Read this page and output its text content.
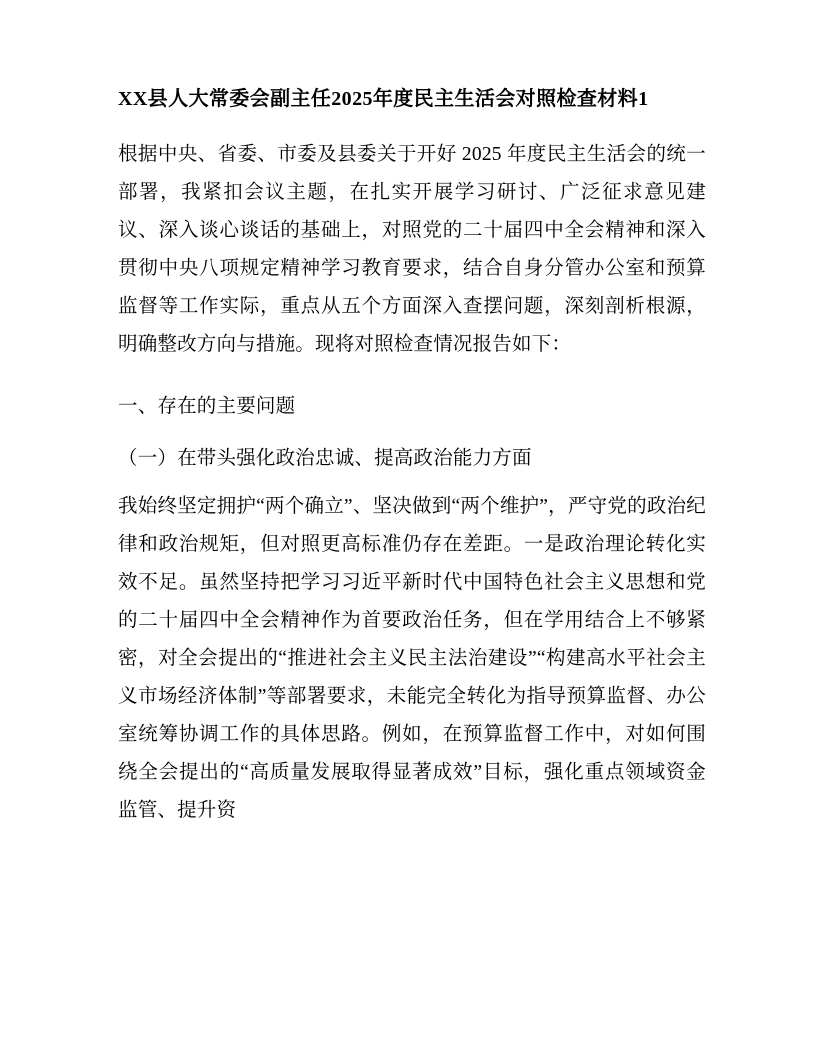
XX县人大常委会副主任2025年度民主生活会对照检查材料1

根据中央、省委、市委及县委关于开好 2025 年度民主生活会的统一部署，我紧扣会议主题，在扎实开展学习研讨、广泛征求意见建议、深入谈心谈话的基础上，对照党的二十届四中全会精神和深入贯彻中央八项规定精神学习教育要求，结合自身分管办公室和预算监督等工作实际，重点从五个方面深入查摆问题，深刻剖析根源，明确整改方向与措施。现将对照检查情况报告如下：

一、存在的主要问题

（一）在带头强化政治忠诚、提高政治能力方面

我始终坚定拥护“两个确立”、坚决做到“两个维护”，严守党的政治纪律和政治规矩，但对照更高标准仍存在差距。一是政治理论转化实效不足。虽然坚持把学习习近平新时代中国特色社会主义思想和党的二十届四中全会精神作为首要政治任务，但在学用结合上不够紧密，对全会提出的“推进社会主义民主法治建设”“构建高水平社会主义市场经济体制”等部署要求，未能完全转化为指导预算监督、办公室统筹协调工作的具体思路。例如，在预算监督工作中，对如何围绕全会提出的“高质量发展取得显著成效”目标，强化重点领域资金监管、提升资
